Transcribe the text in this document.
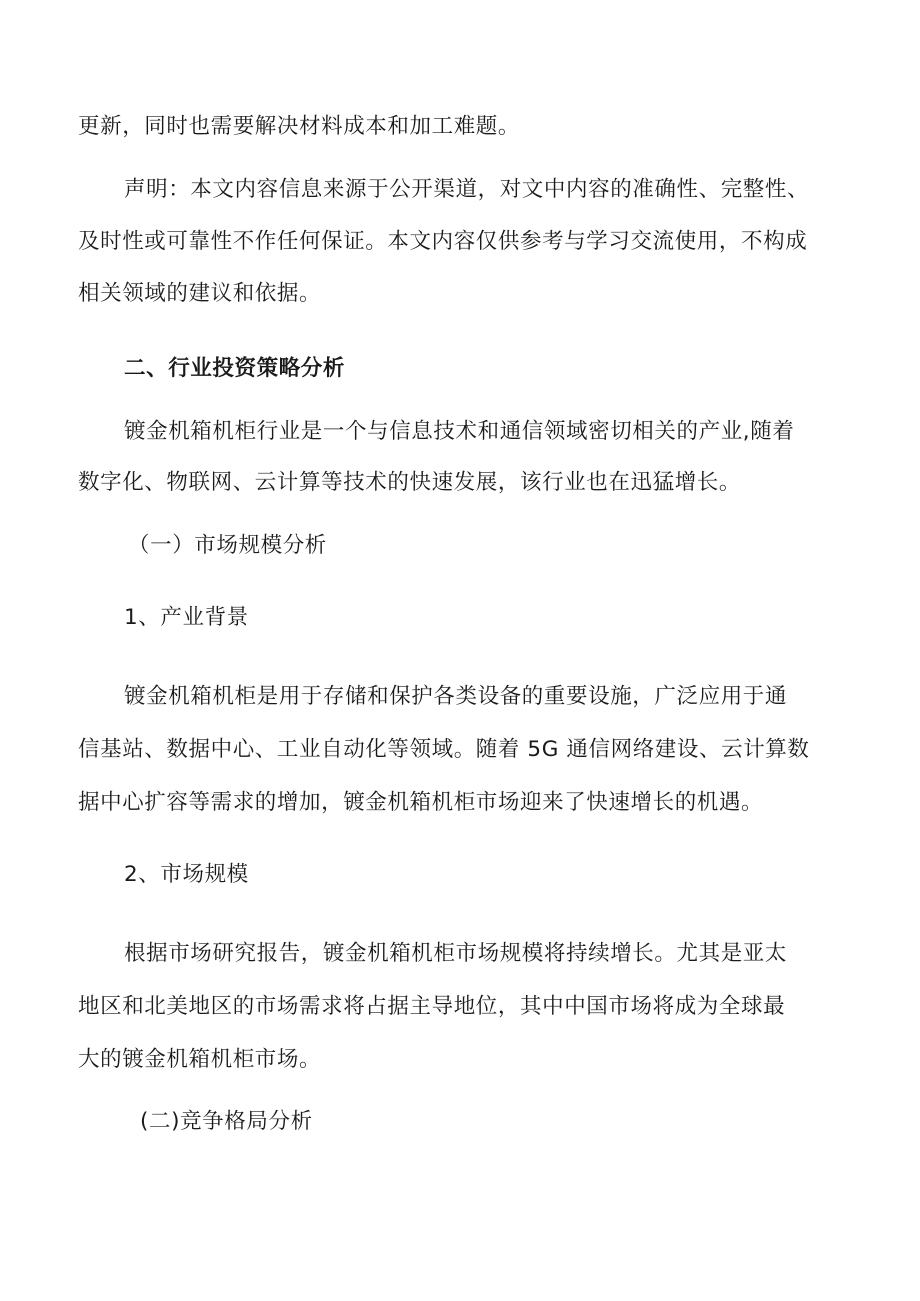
更新，同时也需要解决材料成本和加工难题。
声明：本文内容信息来源于公开渠道，对文中内容的准确性、完整性、
及时性或可靠性不作任何保证。本文内容仅供参考与学习交流使用，不构成
相关领域的建议和依据。
二、行业投资策略分析
镀金机箱机柜行业是一个与信息技术和通信领域密切相关的产业,随着
数字化、物联网、云计算等技术的快速发展，该行业也在迅猛增长。
（一）市场规模分析
1、产业背景
镀金机箱机柜是用于存储和保护各类设备的重要设施，广泛应用于通
信基站、数据中心、工业自动化等领域。随着 5G 通信网络建设、云计算数
据中心扩容等需求的增加，镀金机箱机柜市场迎来了快速增长的机遇。
2、市场规模
根据市场研究报告，镀金机箱机柜市场规模将持续增长。尤其是亚太
地区和北美地区的市场需求将占据主导地位，其中中国市场将成为全球最
大的镀金机箱机柜市场。
(二)竞争格局分析
